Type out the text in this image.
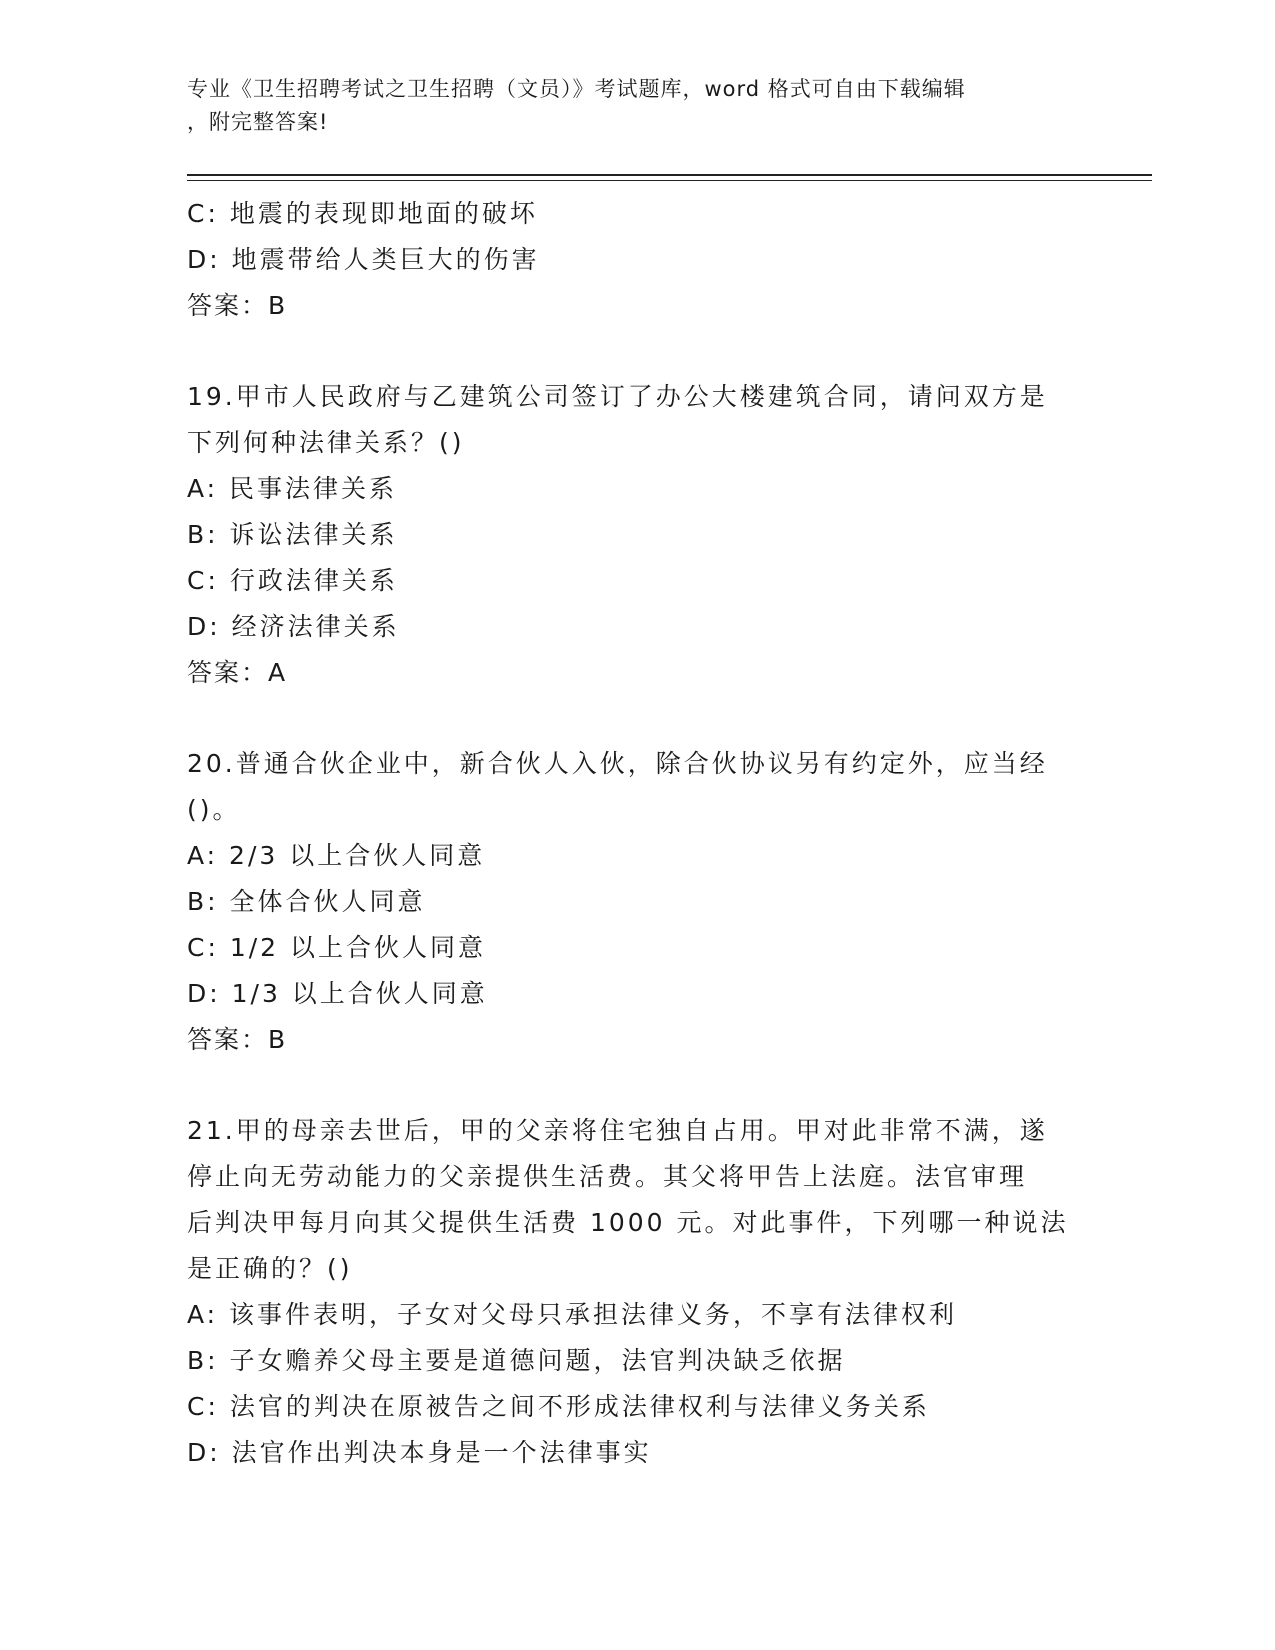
专业《卫生招聘考试之卫生招聘（文员）》考试题库，word 格式可自由下载编辑
，附完整答案!
C: 地震的表现即地面的破坏
D: 地震带给人类巨大的伤害
答案：B
19.甲市人民政府与乙建筑公司签订了办公大楼建筑合同，请问双方是
下列何种法律关系？()
A: 民事法律关系
B: 诉讼法律关系
C: 行政法律关系
D: 经济法律关系
答案：A
20.普通合伙企业中，新合伙人入伙，除合伙协议另有约定外，应当经
()。
A: 2/3 以上合伙人同意
B: 全体合伙人同意
C: 1/2 以上合伙人同意
D: 1/3 以上合伙人同意
答案：B
21.甲的母亲去世后，甲的父亲将住宅独自占用。甲对此非常不满，遂
停止向无劳动能力的父亲提供生活费。其父将甲告上法庭。法官审理
后判决甲每月向其父提供生活费 1000 元。对此事件，下列哪一种说法
是正确的？()
A: 该事件表明，子女对父母只承担法律义务，不享有法律权利
B: 子女赡养父母主要是道德问题，法官判决缺乏依据
C: 法官的判决在原被告之间不形成法律权利与法律义务关系
D: 法官作出判决本身是一个法律事实
